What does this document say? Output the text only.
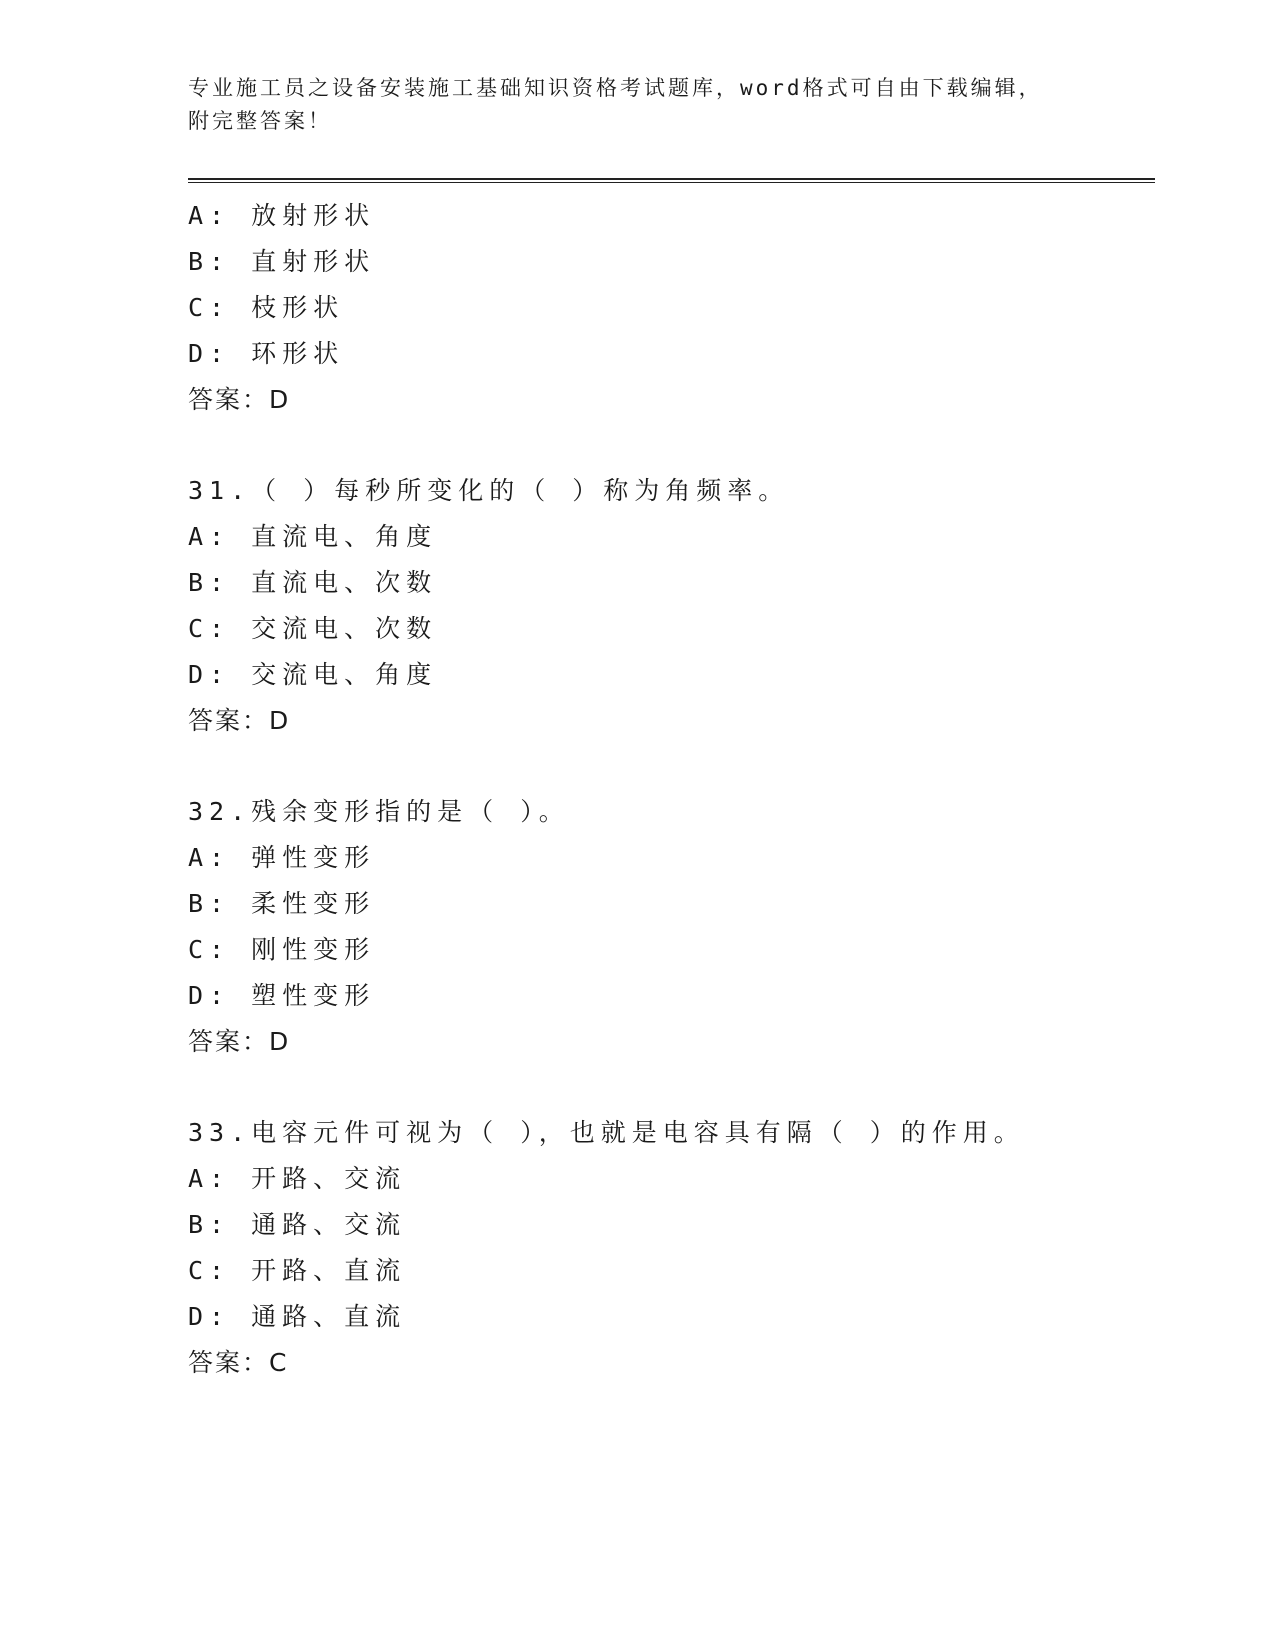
专业施工员之设备安装施工基础知识资格考试题库，word格式可自由下载编辑，
附完整答案！
A: 放射形状
B: 直射形状
C: 枝形状
D: 环形状
答案：D
31.（ ）每秒所变化的（ ）称为角频率。
A: 直流电、角度
B: 直流电、次数
C: 交流电、次数
D: 交流电、角度
答案：D
32.残余变形指的是（ ）。
A: 弹性变形
B: 柔性变形
C: 刚性变形
D: 塑性变形
答案：D
33.电容元件可视为（ ），也就是电容具有隔（ ）的作用。
A: 开路、交流
B: 通路、交流
C: 开路、直流
D: 通路、直流
答案：C
